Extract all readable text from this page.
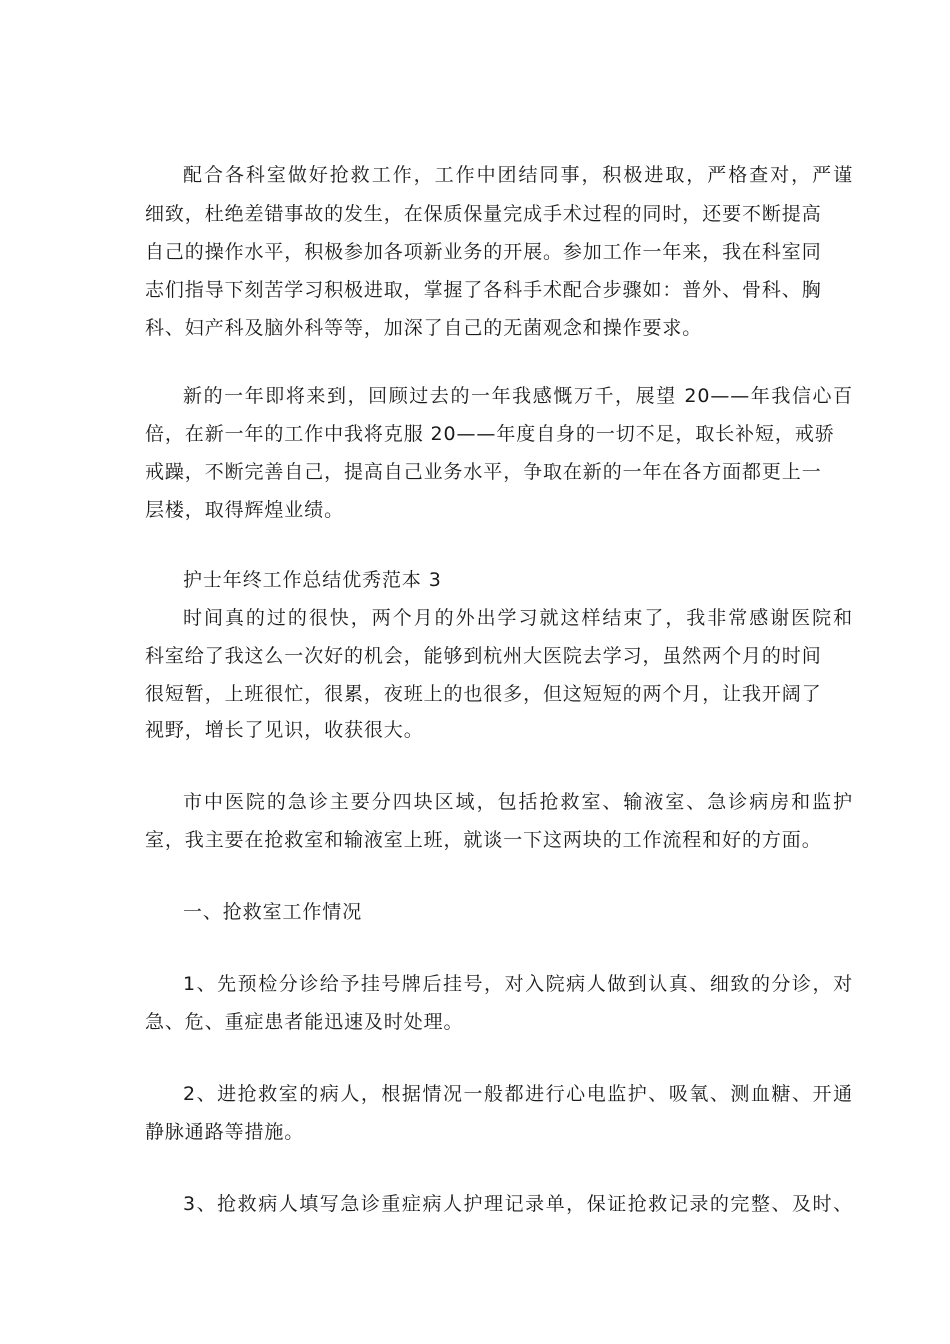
配合各科室做好抢救工作，工作中团结同事，积极进取，严格查对，严谨

细致，杜绝差错事故的发生，在保质保量完成手术过程的同时，还要不断提高

自己的操作水平，积极参加各项新业务的开展。参加工作一年来，我在科室同

志们指导下刻苦学习积极进取，掌握了各科手术配合步骤如：普外、骨科、胸

科、妇产科及脑外科等等，加深了自己的无菌观念和操作要求。

新的一年即将来到，回顾过去的一年我感慨万千，展望 20——年我信心百

倍，在新一年的工作中我将克服 20——年度自身的一切不足，取长补短，戒骄

戒躁，不断完善自己，提高自己业务水平，争取在新的一年在各方面都更上一

层楼，取得辉煌业绩。

护士年终工作总结优秀范本 3

时间真的过的很快，两个月的外出学习就这样结束了，我非常感谢医院和

科室给了我这么一次好的机会，能够到杭州大医院去学习，虽然两个月的时间

很短暂，上班很忙，很累，夜班上的也很多，但这短短的两个月，让我开阔了

视野，增长了见识，收获很大。

市中医院的急诊主要分四块区域，包括抢救室、输液室、急诊病房和监护

室，我主要在抢救室和输液室上班，就谈一下这两块的工作流程和好的方面。

一、抢救室工作情况

1、先预检分诊给予挂号牌后挂号，对入院病人做到认真、细致的分诊，对

急、危、重症患者能迅速及时处理。

2、进抢救室的病人，根据情况一般都进行心电监护、吸氧、测血糖、开通

静脉通路等措施。

3、抢救病人填写急诊重症病人护理记录单，保证抢救记录的完整、及时、
